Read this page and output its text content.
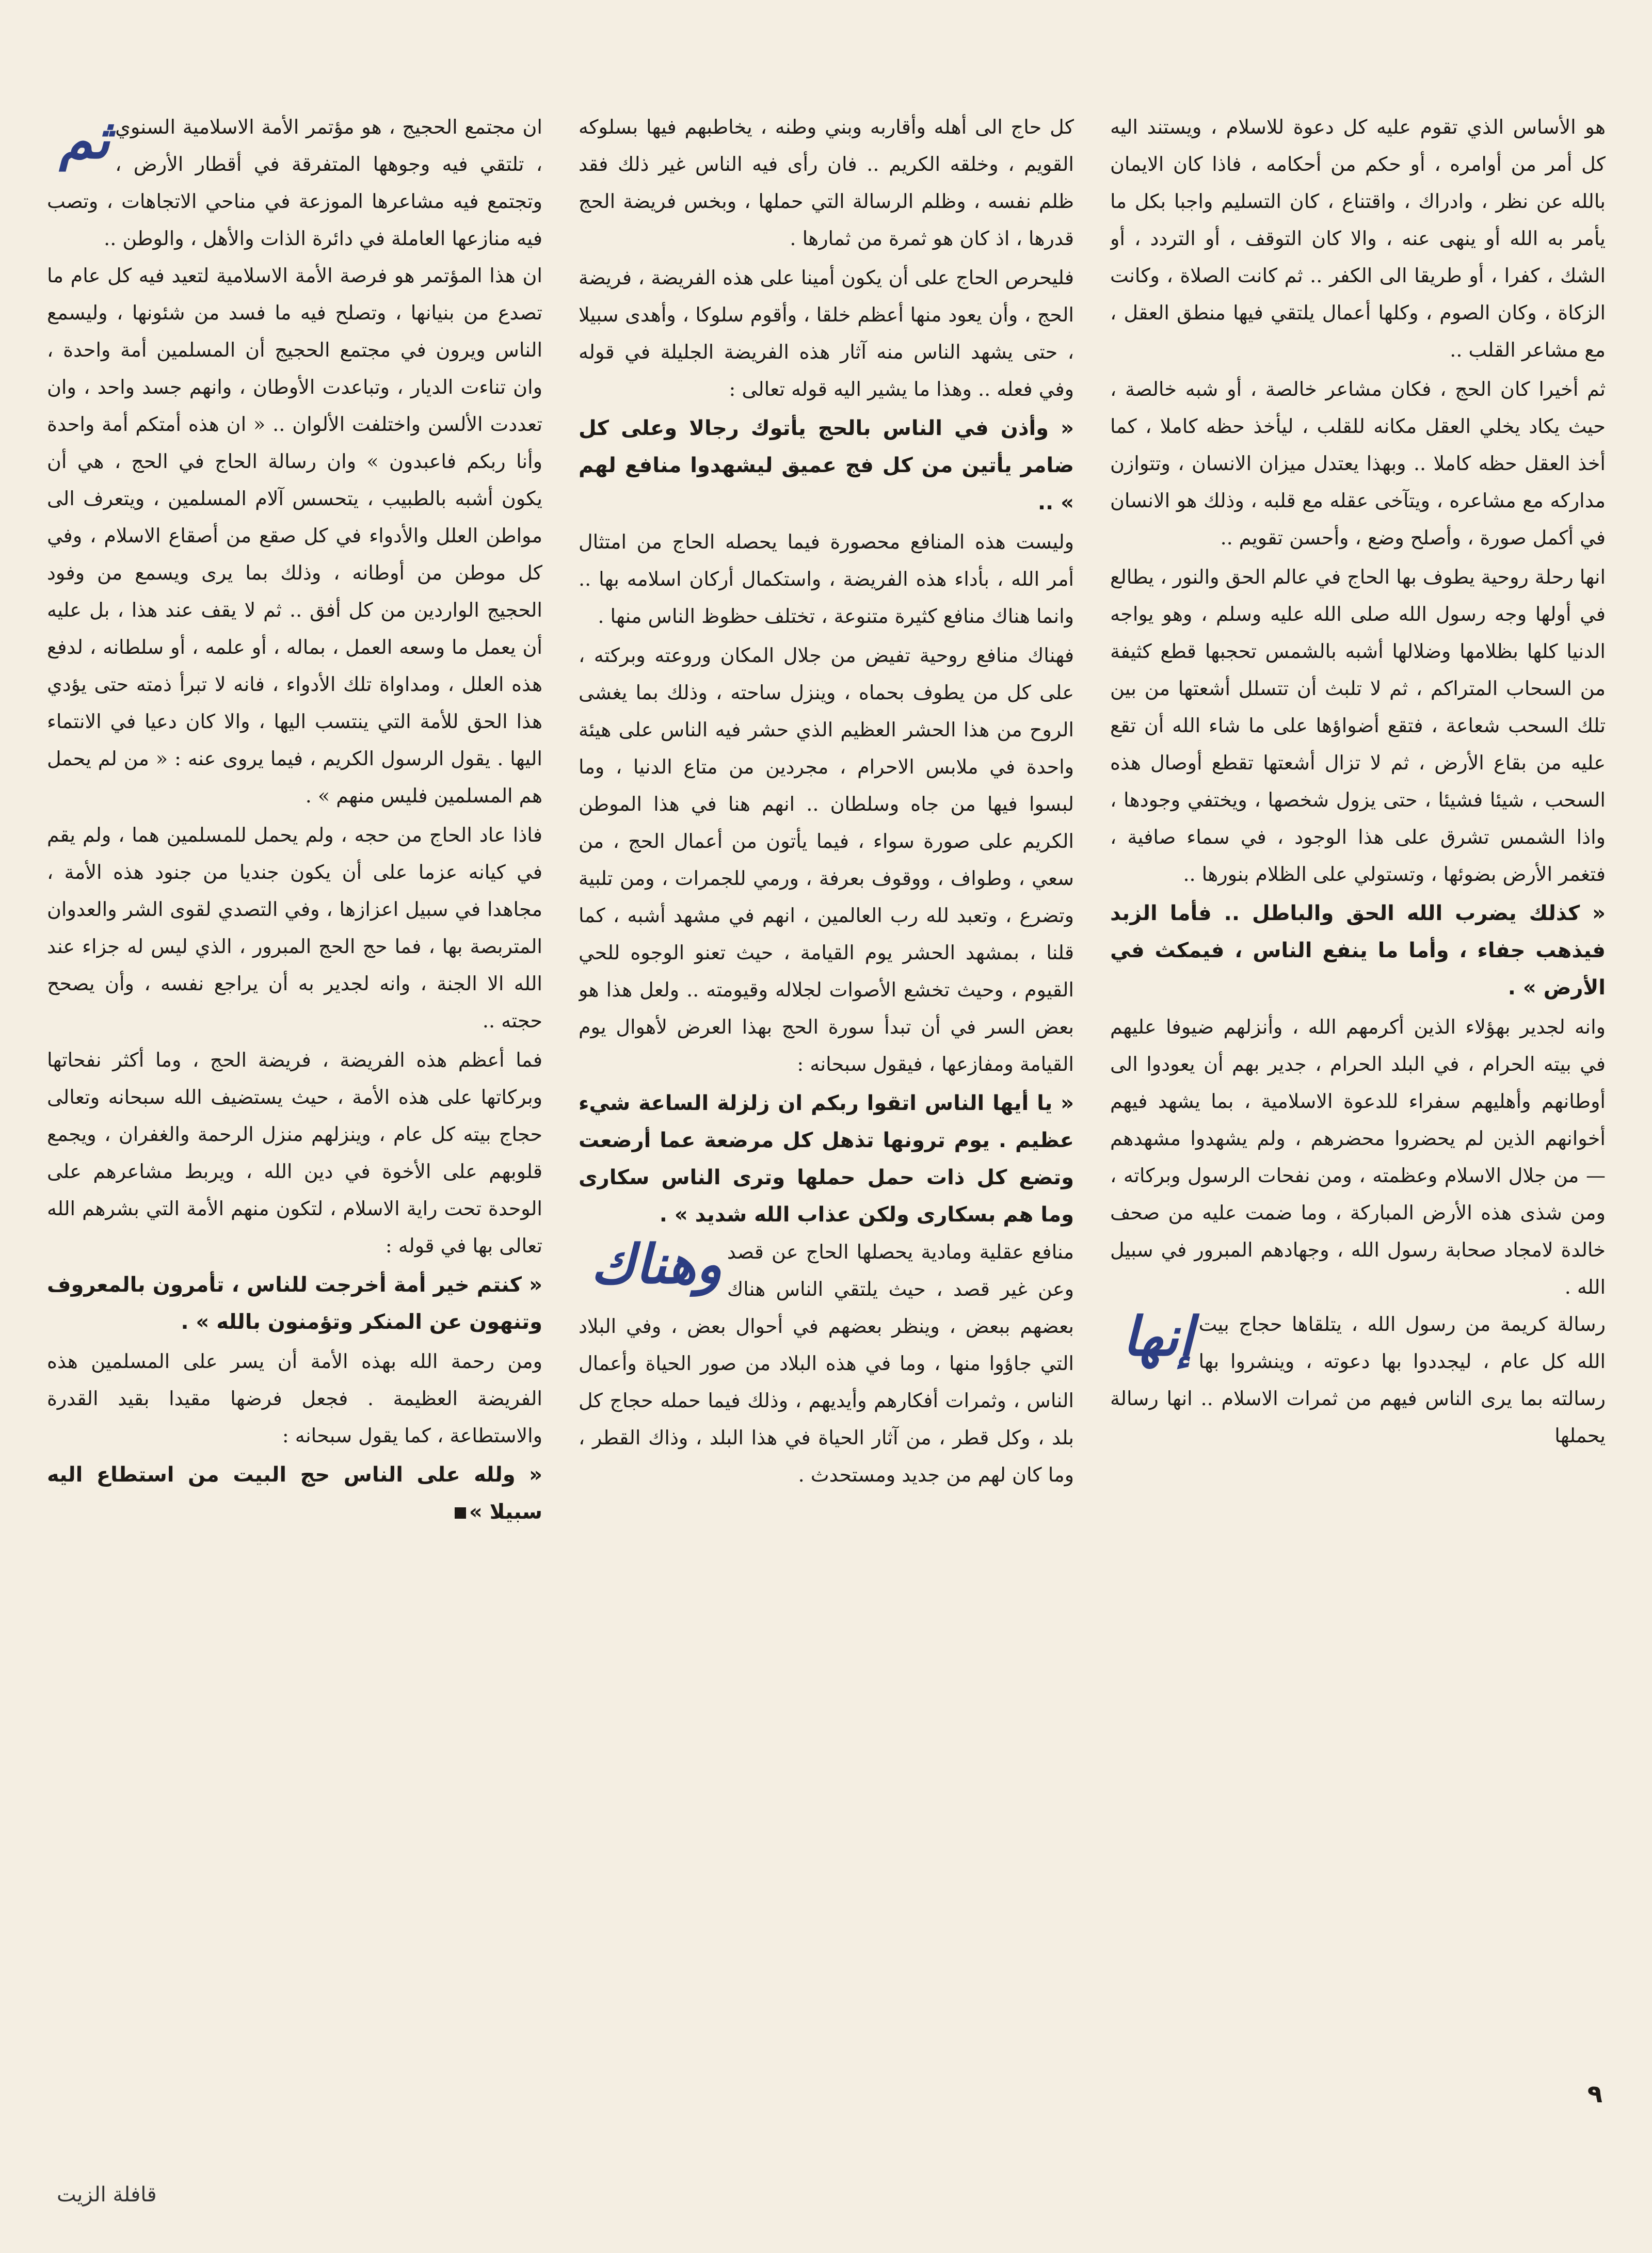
هو الأساس الذي تقوم عليه كل دعوة للاسلام ، ويستند اليه كل أمر من أوامره ، أو حكم من أحكامه ، فاذا كان الايمان بالله عن نظر ، وادراك ، واقتناع ، كان التسليم واجبا بكل ما يأمر به الله أو ينهى عنه ، والا كان التوقف ، أو التردد ، أو الشك ، كفرا ، أو طريقا الى الكفر .. ثم كانت الصلاة ، وكانت الزكاة ، وكان الصوم ، وكلها أعمال يلتقي فيها منطق العقل ، مع مشاعر القلب ..

ثم أخيرا كان الحج ، فكان مشاعر خالصة ، أو شبه خالصة ، حيث يكاد يخلي العقل مكانه للقلب ، ليأخذ حظه كاملا ، كما أخذ العقل حظه كاملا .. وبهذا يعتدل ميزان الانسان ، وتتوازن مداركه مع مشاعره ، ويتآخى عقله مع قلبه ، وذلك هو الانسان في أكمل صورة ، وأصلح وضع ، وأحسن تقويم ..

انها رحلة روحية يطوف بها الحاج في عالم الحق والنور ، يطالع في أولها وجه رسول الله صلى الله عليه وسلم ، وهو يواجه الدنيا كلها بظلامها وضلالها أشبه بالشمس تحجبها قطع كثيفة من السحاب المتراكم ، ثم لا تلبث أن تتسلل أشعتها من بين تلك السحب شعاعة ، فتقع أضواؤها على ما شاء الله أن تقع عليه من بقاع الأرض ، ثم لا تزال أشعتها تقطع أوصال هذه السحب ، شيئا فشيئا ، حتى يزول شخصها ، ويختفي وجودها ، واذا الشمس تشرق على هذا الوجود ، في سماء صافية ، فتغمر الأرض بضوئها ، وتستولي على الظلام بنورها ..

« كذلك يضرب الله الحق والباطل .. فأما الزبد فيذهب جفاء ، وأما ما ينفع الناس ، فيمكث في الأرض » .

وانه لجدير بهؤلاء الذين أكرمهم الله ، وأنزلهم ضيوفا عليهم في بيته الحرام ، في البلد الحرام ، جدير بهم أن يعودوا الى أوطانهم وأهليهم سفراء للدعوة الاسلامية ، بما يشهد فيهم أخوانهم الذين لم يحضروا محضرهم ، ولم يشهدوا مشهدهم — من جلال الاسلام وعظمته ، ومن نفحات الرسول وبركاته ، ومن شذى هذه الأرض المباركة ، وما ضمت عليه من صحف خالدة لامجاد صحابة رسول الله ، وجهادهم المبرور في سبيل الله .

إنها رسالة كريمة من رسول الله ، يتلقاها حجاج بيت الله كل عام ، ليجددوا بها دعوته ، وينشروا بها رسالته بما يرى الناس فيهم من ثمرات الاسلام .. انها رسالة يحملها

كل حاج الى أهله وأقاربه وبني وطنه ، يخاطبهم فيها بسلوكه القويم ، وخلقه الكريم .. فان رأى فيه الناس غير ذلك فقد ظلم نفسه ، وظلم الرسالة التي حملها ، وبخس فريضة الحج قدرها ، اذ كان هو ثمرة من ثمارها .

فليحرص الحاج على أن يكون أمينا على هذه الفريضة ، فريضة الحج ، وأن يعود منها أعظم خلقا ، وأقوم سلوكا ، وأهدى سبيلا ، حتى يشهد الناس منه آثار هذه الفريضة الجليلة في قوله وفي فعله .. وهذا ما يشير اليه قوله تعالى :

« وأذن في الناس بالحج يأتوك رجالا وعلى كل ضامر يأتين من كل فج عميق ليشهدوا منافع لهم » ..

وليست هذه المنافع محصورة فيما يحصله الحاج من امتثال أمر الله ، بأداء هذه الفريضة ، واستكمال أركان اسلامه بها .. وانما هناك منافع كثيرة متنوعة ، تختلف حظوظ الناس منها .

فهناك منافع روحية تفيض من جلال المكان وروعته وبركته ، على كل من يطوف بحماه ، وينزل ساحته ، وذلك بما يغشى الروح من هذا الحشر العظيم الذي حشر فيه الناس على هيئة واحدة في ملابس الاحرام ، مجردين من متاع الدنيا ، وما لبسوا فيها من جاه وسلطان .. انهم هنا في هذا الموطن الكريم على صورة سواء ، فيما يأتون من أعمال الحج ، من سعي ، وطواف ، ووقوف بعرفة ، ورمي للجمرات ، ومن تلبية وتضرع ، وتعبد لله رب العالمين ، انهم في مشهد أشبه ، كما قلنا ، بمشهد الحشر يوم القيامة ، حيث تعنو الوجوه للحي القيوم ، وحيث تخشع الأصوات لجلاله وقيومته .. ولعل هذا هو بعض السر في أن تبدأ سورة الحج بهذا العرض لأهوال يوم القيامة ومفازعها ، فيقول سبحانه :

« يا أيها الناس اتقوا ربكم ان زلزلة الساعة شيء عظيم . يوم ترونها تذهل كل مرضعة عما أرضعت وتضع كل ذات حمل حملها وترى الناس سكارى وما هم بسكارى ولكن عذاب الله شديد » .

وهناك منافع عقلية ومادية يحصلها الحاج عن قصد وعن غير قصد ، حيث يلتقي الناس هناك بعضهم ببعض ، وينظر بعضهم في أحوال بعض ، وفي البلاد التي جاؤوا منها ، وما في هذه البلاد من صور الحياة وأعمال الناس ، وثمرات أفكارهم وأيديهم ، وذلك فيما حمله حجاج كل بلد ، وكل قطر ، من آثار الحياة في هذا البلد ، وذاك القطر ، وما كان لهم من جديد ومستحدث .

ثم ان مجتمع الحجيج ، هو مؤتمر الأمة الاسلامية السنوي ، تلتقي فيه وجوهها المتفرقة في أقطار الأرض ، وتجتمع فيه مشاعرها الموزعة في مناحي الاتجاهات ، وتصب فيه منازعها العاملة في دائرة الذات والأهل ، والوطن ..

ان هذا المؤتمر هو فرصة الأمة الاسلامية لتعيد فيه كل عام ما تصدع من بنيانها ، وتصلح فيه ما فسد من شئونها ، وليسمع الناس ويرون في مجتمع الحجيج أن المسلمين أمة واحدة ، وان تناءت الديار ، وتباعدت الأوطان ، وانهم جسد واحد ، وان تعددت الألسن واختلفت الألوان .. « ان هذه أمتكم أمة واحدة وأنا ربكم فاعبدون » وان رسالة الحاج في الحج ، هي أن يكون أشبه بالطبيب ، يتحسس آلام المسلمين ، ويتعرف الى مواطن العلل والأدواء في كل صقع من أصقاع الاسلام ، وفي كل موطن من أوطانه ، وذلك بما يرى ويسمع من وفود الحجيج الواردين من كل أفق .. ثم لا يقف عند هذا ، بل عليه أن يعمل ما وسعه العمل ، بماله ، أو علمه ، أو سلطانه ، لدفع هذه العلل ، ومداواة تلك الأدواء ، فانه لا تبرأ ذمته حتى يؤدي هذا الحق للأمة التي ينتسب اليها ، والا كان دعيا في الانتماء اليها . يقول الرسول الكريم ، فيما يروى عنه : « من لم يحمل هم المسلمين فليس منهم » .

فاذا عاد الحاج من حجه ، ولم يحمل للمسلمين هما ، ولم يقم في كيانه عزما على أن يكون جنديا من جنود هذه الأمة ، مجاهدا في سبيل اعزازها ، وفي التصدي لقوى الشر والعدوان المتربصة بها ، فما حج الحج المبرور ، الذي ليس له جزاء عند الله الا الجنة ، وانه لجدير به أن يراجع نفسه ، وأن يصحح حجته ..

فما أعظم هذه الفريضة ، فريضة الحج ، وما أكثر نفحاتها وبركاتها على هذه الأمة ، حيث يستضيف الله سبحانه وتعالى حجاج بيته كل عام ، وينزلهم منزل الرحمة والغفران ، ويجمع قلوبهم على الأخوة في دين الله ، ويربط مشاعرهم على الوحدة تحت راية الاسلام ، لتكون منهم الأمة التي بشرهم الله تعالى بها في قوله :

« كنتم خير أمة أخرجت للناس ، تأمرون بالمعروف وتنهون عن المنكر وتؤمنون بالله » .

ومن رحمة الله بهذه الأمة أن يسر على المسلمين هذه الفريضة العظيمة . فجعل فرضها مقيدا بقيد القدرة والاستطاعة ، كما يقول سبحانه :

« ولله على الناس حج البيت من استطاع اليه سبيلا »

٩
قافلة الزيت
